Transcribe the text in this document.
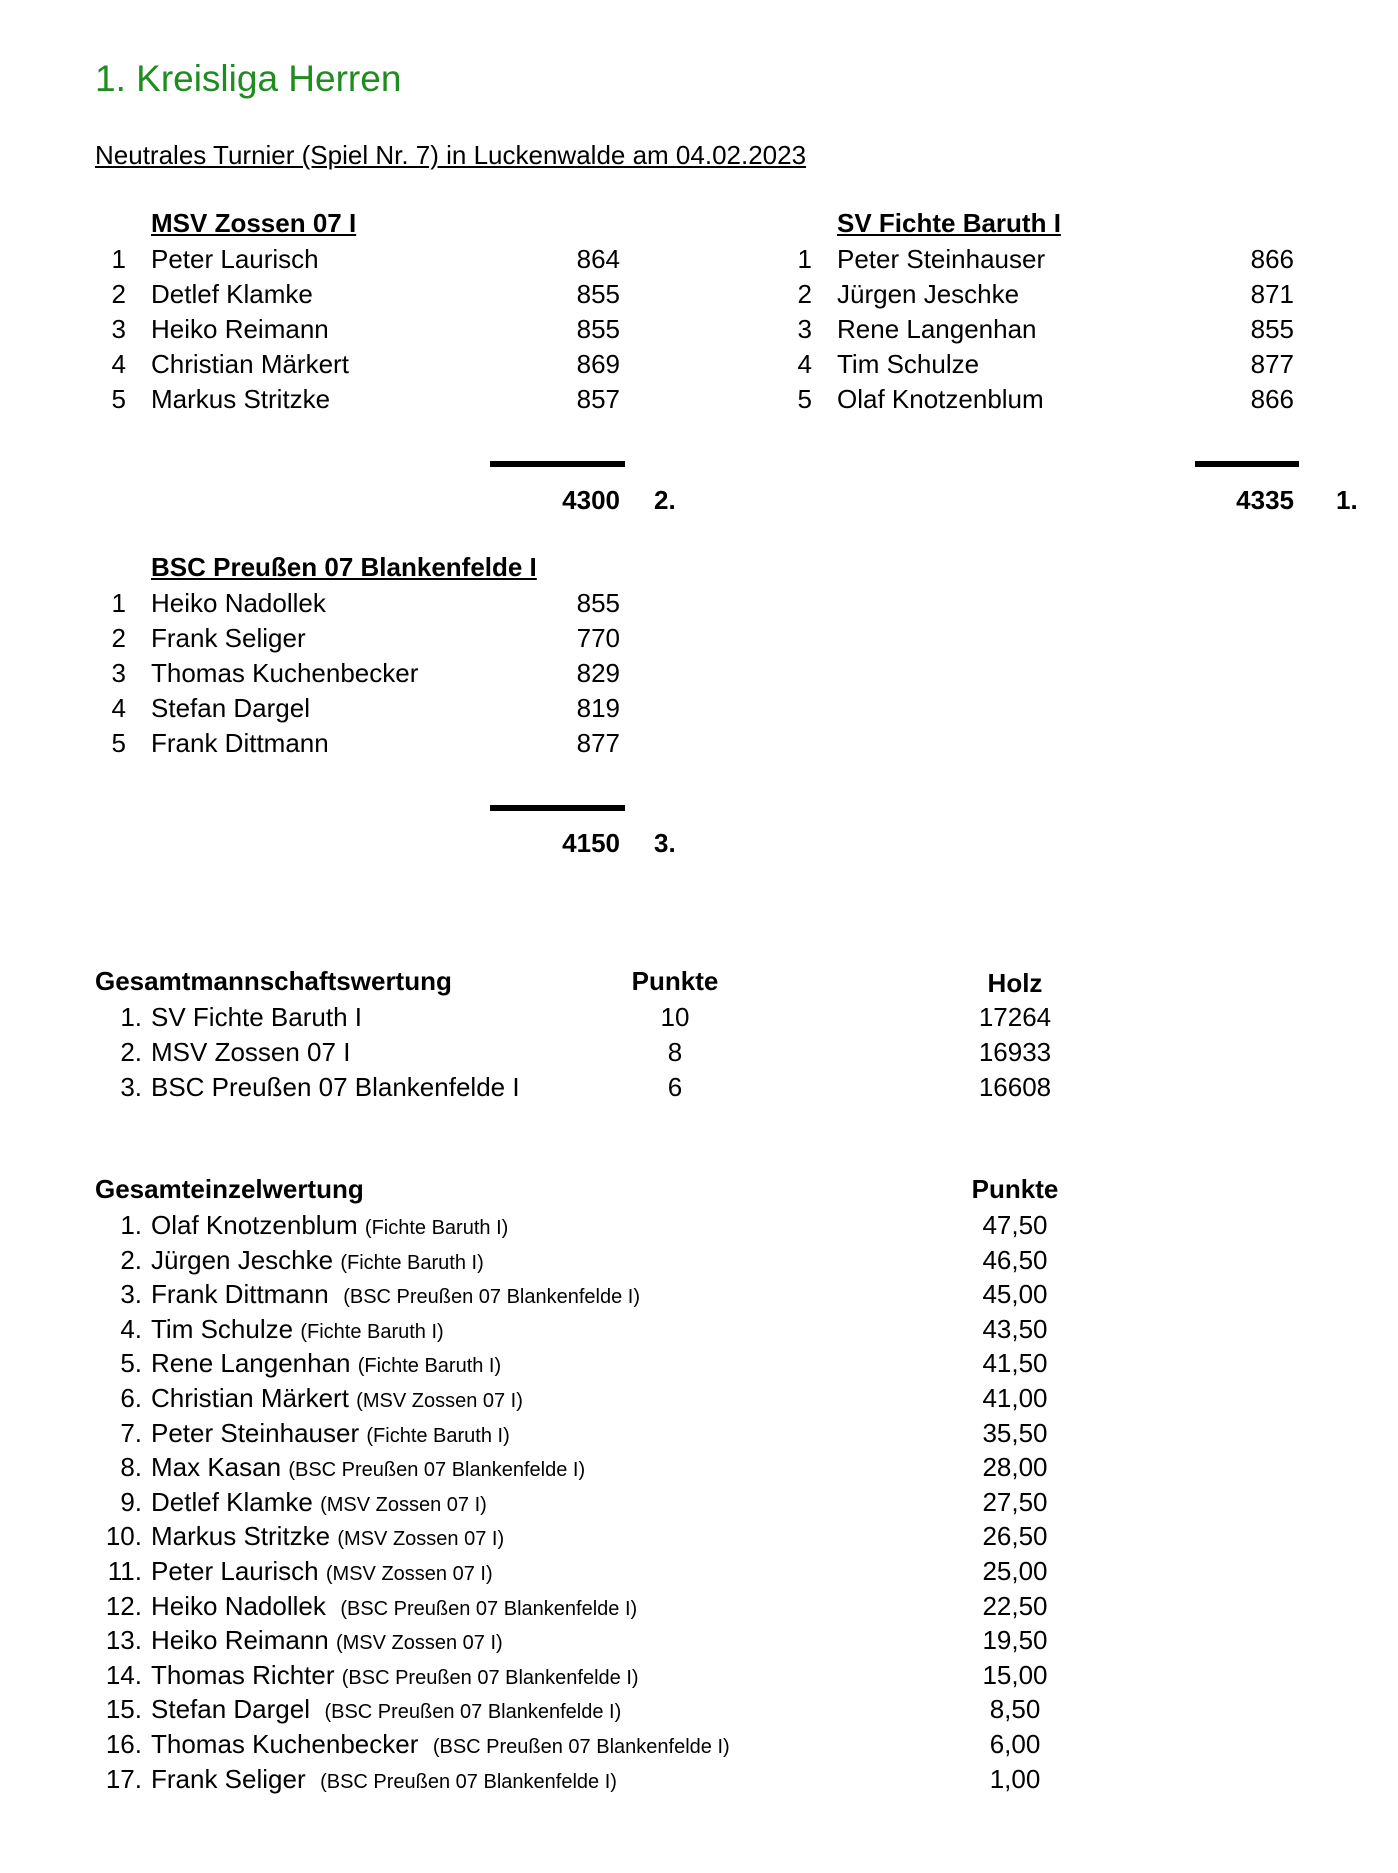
1. Kreisliga Herren
Neutrales Turnier (Spiel Nr. 7) in Luckenwalde am 04.02.2023
MSV Zossen 07 I
1 Peter Laurisch	864
2 Detlef Klamke	855
3 Heiko Reimann	855
4 Christian Märkert	869
5 Markus Stritzke	857
4300 2.
SV Fichte Baruth I
1 Peter Steinhauser	866
2 Jürgen Jeschke	871
3 Rene Langenhan	855
4 Tim Schulze	877
5 Olaf Knotzenblum	866
4335 1.
BSC Preußen 07 Blankenfelde I
1 Heiko Nadollek	855
2 Frank Seliger	770
3 Thomas Kuchenbecker	829
4 Stefan Dargel	819
5 Frank Dittmann	877
4150 3.
Gesamtmannschaftswertung	Punkte	Holz
1. SV Fichte Baruth I	10	17264
2. MSV Zossen 07 I	8	16933
3. BSC Preußen 07 Blankenfelde I	6	16608
Gesamteinzelwertung	Punkte
1. Olaf Knotzenblum (Fichte Baruth I)	47,50
2. Jürgen Jeschke (Fichte Baruth I)	46,50
3. Frank Dittmann (BSC Preußen 07 Blankenfelde I)	45,00
4. Tim Schulze (Fichte Baruth I)	43,50
5. Rene Langenhan (Fichte Baruth I)	41,50
6. Christian Märkert (MSV Zossen 07 I)	41,00
7. Peter Steinhauser (Fichte Baruth I)	35,50
8. Max Kasan (BSC Preußen 07 Blankenfelde I)	28,00
9. Detlef Klamke (MSV Zossen 07 I)	27,50
10. Markus Stritzke (MSV Zossen 07 I)	26,50
11. Peter Laurisch (MSV Zossen 07 I)	25,00
12. Heiko Nadollek (BSC Preußen 07 Blankenfelde I)	22,50
13. Heiko Reimann (MSV Zossen 07 I)	19,50
14. Thomas Richter (BSC Preußen 07 Blankenfelde I)	15,00
15. Stefan Dargel (BSC Preußen 07 Blankenfelde I)	8,50
16. Thomas Kuchenbecker (BSC Preußen 07 Blankenfelde I)	6,00
17. Frank Seliger (BSC Preußen 07 Blankenfelde I)	1,00
